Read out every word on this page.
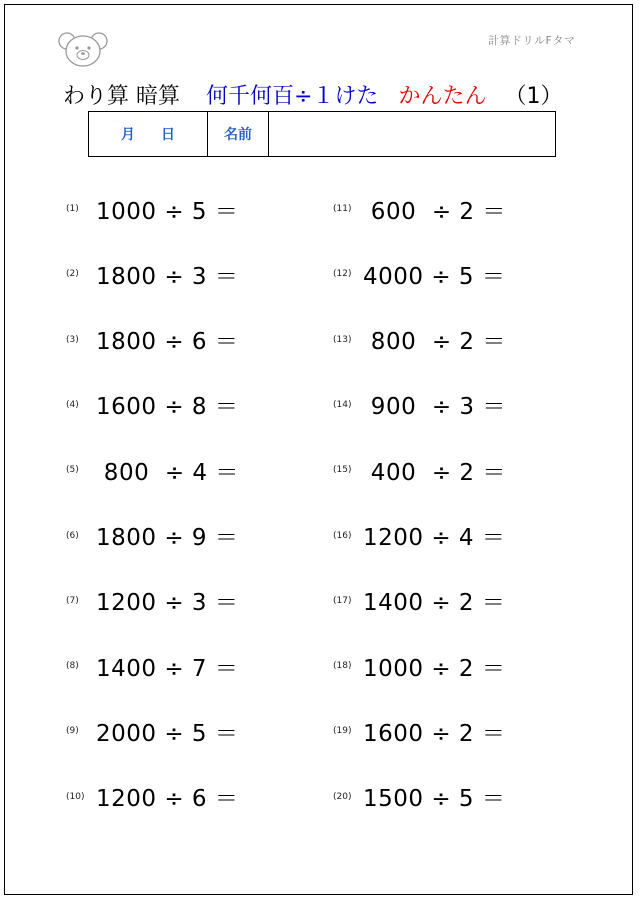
計算ドリルFタマ
わり算 暗算 何千何百÷１けた かんたん （1）
月 日	名前
(1) 1000 ÷ 5 ＝
(2) 1800 ÷ 3 ＝
(3) 1800 ÷ 6 ＝
(4) 1600 ÷ 8 ＝
(5) 800  ÷ 4 ＝
(6) 1800 ÷ 9 ＝
(7) 1200 ÷ 3 ＝
(8) 1400 ÷ 7 ＝
(9) 2000 ÷ 5 ＝
(10) 1200 ÷ 6 ＝
(11) 600  ÷ 2 ＝
(12) 4000 ÷ 5 ＝
(13) 800  ÷ 2 ＝
(14) 900  ÷ 3 ＝
(15) 400  ÷ 2 ＝
(16) 1200 ÷ 4 ＝
(17) 1400 ÷ 2 ＝
(18) 1000 ÷ 2 ＝
(19) 1600 ÷ 2 ＝
(20) 1500 ÷ 5 ＝
